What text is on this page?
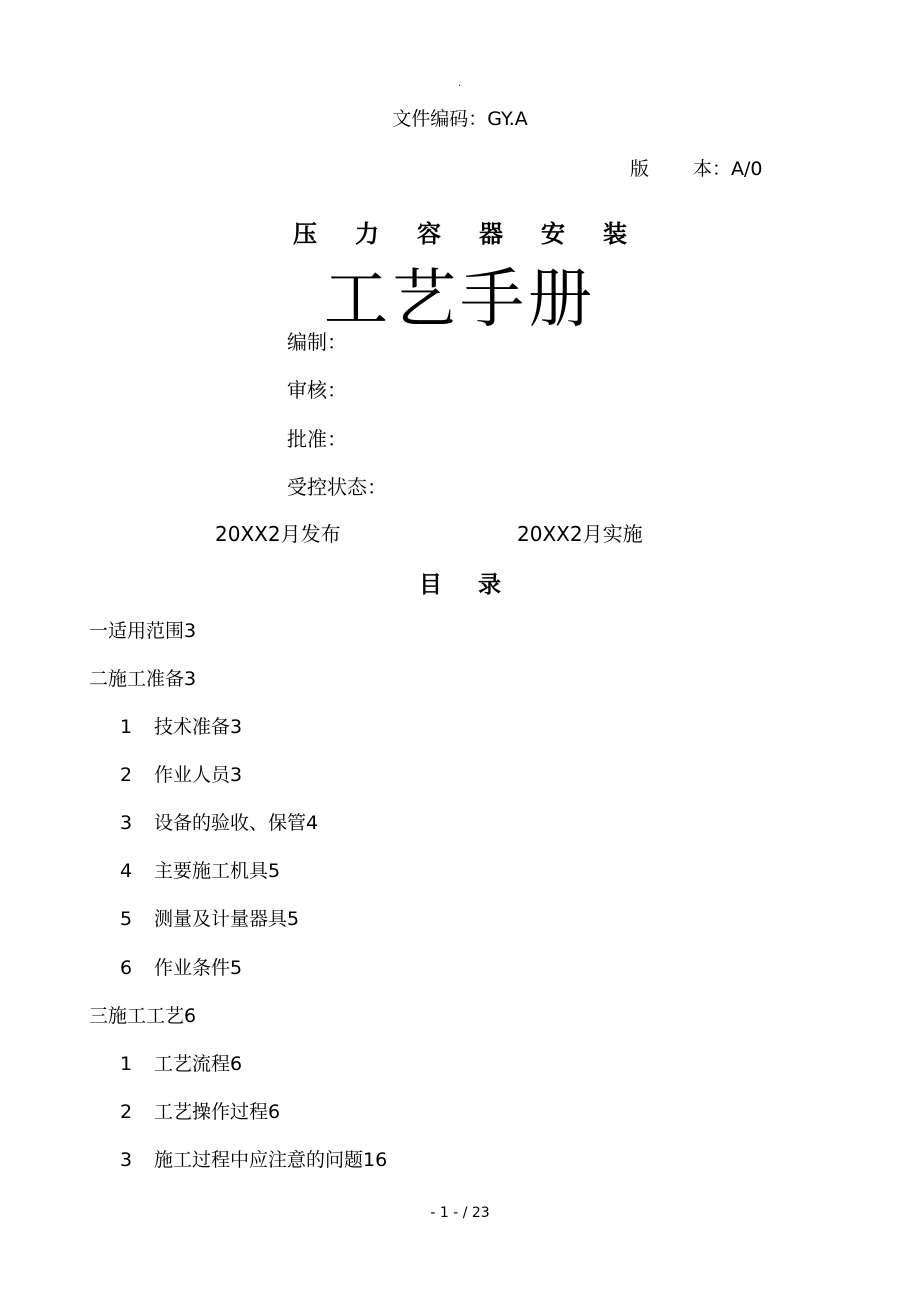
.
文件编码：GY.A
版 本：A/0
压力容器安装
工艺手册
编制：
审核：
批准：
受控状态：
20XX2月发布	20XX2月实施
目录
一适用范围3
二施工准备3
1 技术准备3
2 作业人员3
3 设备的验收、保管4
4 主要施工机具5
5 测量及计量器具5
6 作业条件5
三施工工艺6
1 工艺流程6
2 工艺操作过程6
3 施工过程中应注意的问题16
- 1 - / 23
